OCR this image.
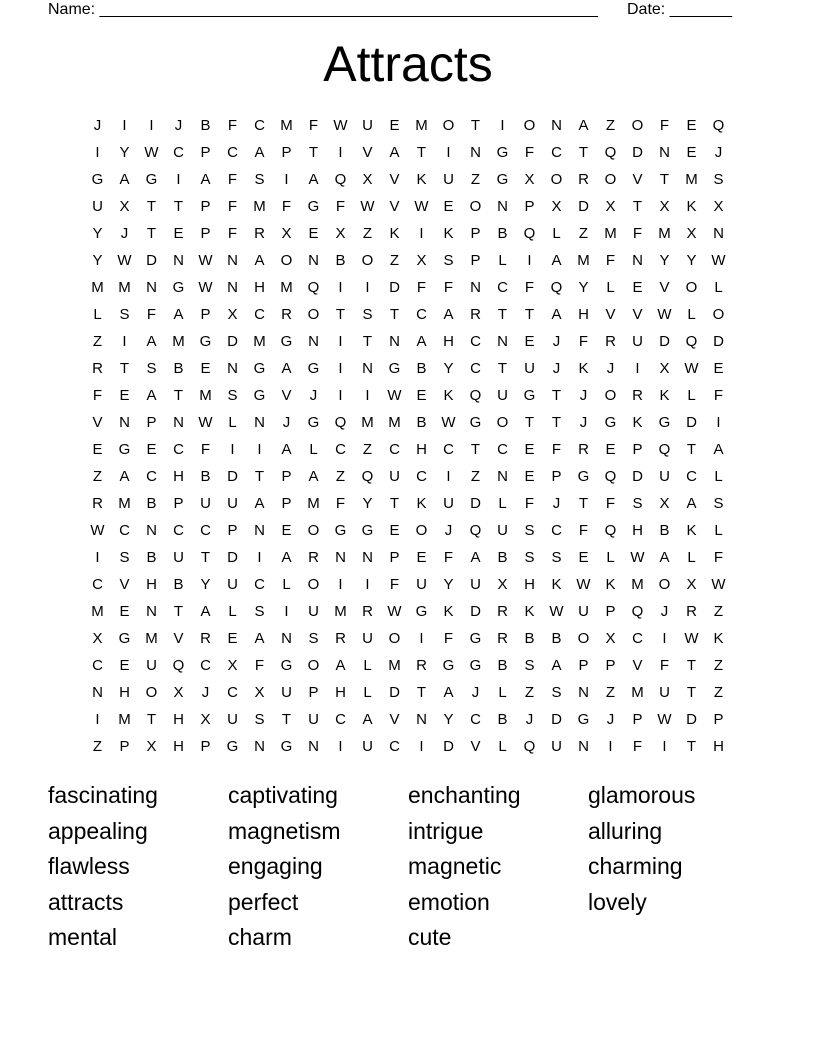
Name: ________________________________________________________ Date: _______
Attracts
J	I	I	J	B	F	C	M	F	W U	E	M O	T	I	O	N	A	Z	O	F	E	Q
I	Y W C	P	C	A	P	T	I	V	A	T	I	N	G	F	C	T	Q	D	N	E	J
G	A	G	I	A	F	S	I	A	Q	X	V	K	U	Z	G	X	O	R	O	V	T	M	S
U	X	T	T	P	F	M	F	G	F	W V W E	O	N	P	X	D	X	T	X	K	X
Y	J	T	E	P	F	R	X	E	X	Z	K	I	K	P	B	Q	L	Z	M	F	M	X	N
Y W D	N W N	A	O	N	B	O	Z	X	S	P	L	I	A	M	F	N	Y	Y W
M M	N	G W N	H	M Q	I	I	D	F	F	N	C	F	Q	Y	L	E	V	O	L
L	S	F	A	P	X	C	R	O	T	S	T	C	A	R	T	T	A	H	V	V W	L	O
Z	I	A	M G	D	M G	N	I	T	N	A	H	C	N	E	J	F	R	U	D	Q	D
R	T	S	B	E	N	G	A	G	I	N	G	B	Y	C	T	U	J	K	J	I	X W E
F	E	A	T	M	S	G	V	J	I	I	W E	K	Q	U	G	T	J	O	R	K	L	F
V	N	P	N W	L	N	J	G	Q M M	B W G	O	T	T	J	G	K	G	D	I
E	G	E	C	F	I	I	A	L	C	Z	C	H	C	T	C	E	F	R	E	P	Q	T	A
Z	A	C	H	B	D	T	P	A	Z	Q	U	C	I	Z	N	E	P	G	Q	D	U	C	L
R	M	B	P	U	U	A	P	M	F	Y	T	K	U	D	L	F	J	T	F	S	X	A	S
W C	N	C	C	P	N	E	O	G	G	E	O	J	Q	U	S	C	F	Q	H	B	K	L
I	S	B	U	T	D	I	A	R	N	N	P	E	F	A	B	S	S	E	L	W A	L	F
C	V	H	B	Y	U	C	L	O	I	I	F	U	Y	U	X	H	K W K	M O	X W
M	E	N	T	A	L	S	I	U	M	R W G	K	D	R	K W U	P	Q	J	R	Z
X	G M	V	R	E	A	N	S	R	U	O	I	F	G	R	B	B	O	X	C	I	W K
C	E	U	Q	C	X	F	G	O	A	L	M	R	G	G	B	S	A	P	P	V	F	T	Z
N	H	O	X	J	C	X	U	P	H	L	D	T	A	J	L	Z	S	N	Z	M	U	T	Z
I	M	T	H	X	U	S	T	U	C	A	V	N	Y	C	B	J	D	G	J	P W D	P
Z	P	X	H	P	G	N	G	N	I	U	C	I	D	V	L	Q	U	N	I	F	I	T	H
fascinating	captivating	enchanting	glamorous
appealing	magnetism	intrigue	alluring
flawless	engaging	magnetic	charming
attracts	perfect	emotion	lovely
mental	charm	cute
